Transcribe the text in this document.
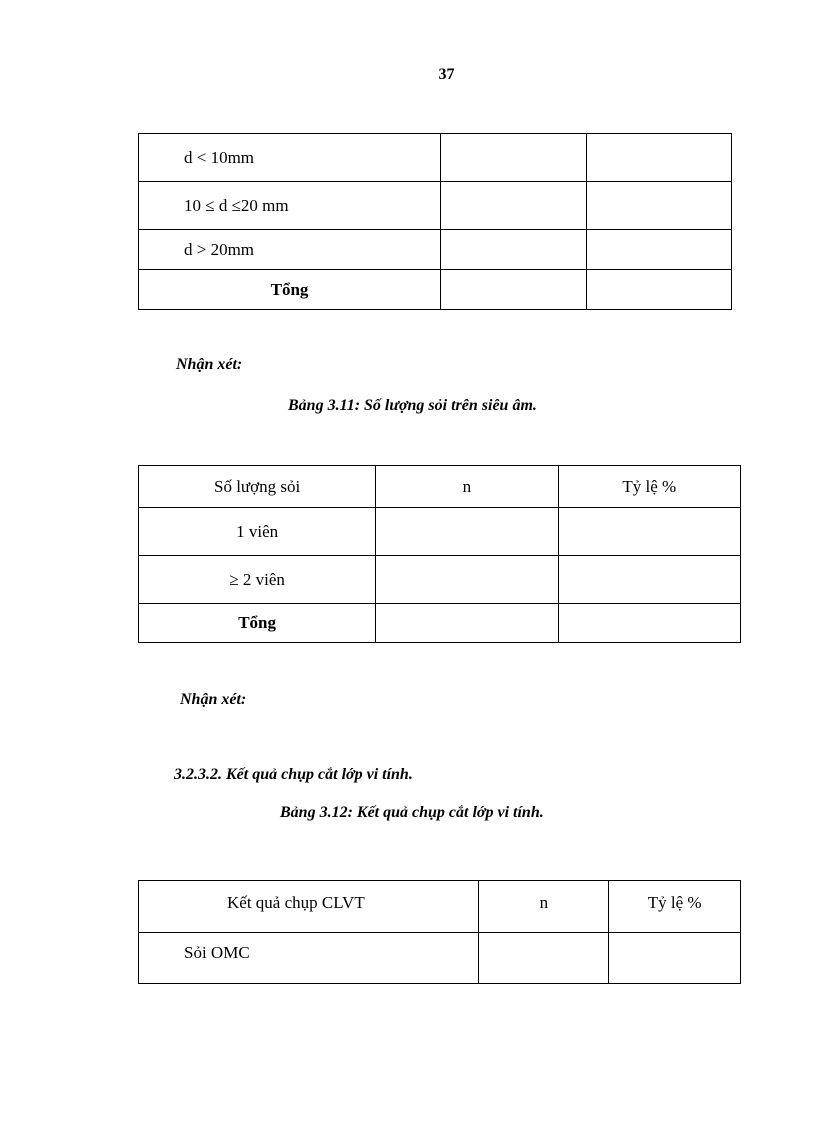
37
d < 10mm		
10 ≤ d ≤20 mm		
d > 20mm		
Tổng		
Nhận xét:
Bảng 3.11: Số lượng sỏi trên siêu âm.
Số lượng sỏi	n	Tỷ lệ %
1 viên		
≥ 2 viên		
Tổng		
Nhận xét:
3.2.3.2. Kết quả chụp cắt lớp vi tính.
Bảng 3.12: Kết quả chụp cắt lớp vi tính.
Kết quả chụp CLVT	n	Tỷ lệ %
Sỏi OMC		
